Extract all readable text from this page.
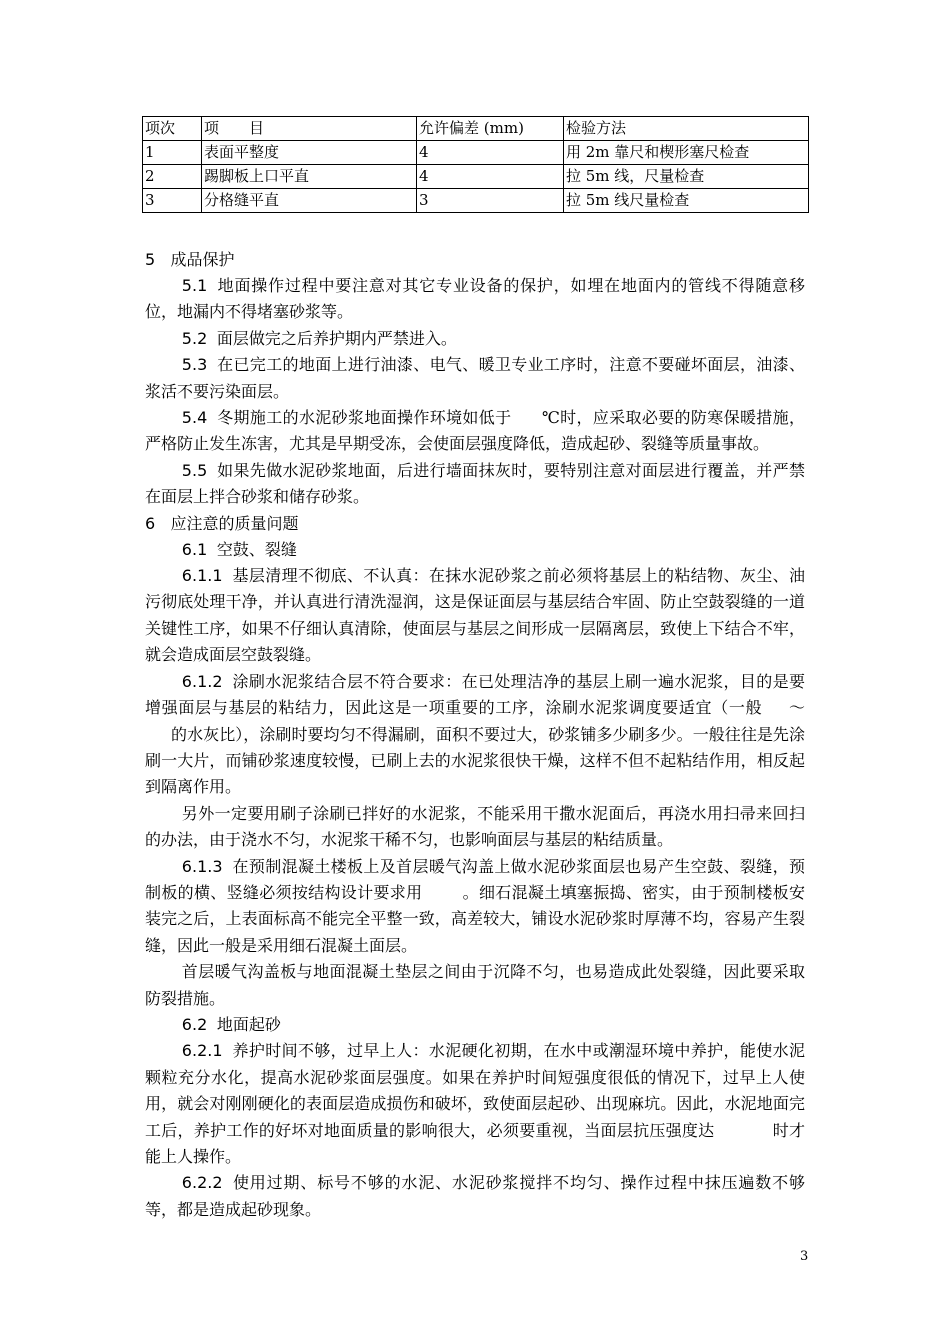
项次	项　　目	允许偏差 (mm)	检验方法
1	表面平整度	4	用 2m 靠尺和楔形塞尺检查
2	踢脚板上口平直	4	拉 5m 线，尺量检查
3	分格缝平直	3	拉 5m 线尺量检查
5 成品保护
5.1 地面操作过程中要注意对其它专业设备的保护，如埋在地面内的管线不得随意移位，地漏内不得堵塞砂浆等。
5.2 面层做完之后养护期内严禁进入。
5.3 在已完工的地面上进行油漆、电气、暖卫专业工序时，注意不要碰坏面层，油漆、浆活不要污染面层。
5.4 冬期施工的水泥砂浆地面操作环境如低于 ℃时，应采取必要的防寒保暖措施，严格防止发生冻害，尤其是早期受冻，会使面层强度降低，造成起砂、裂缝等质量事故。
5.5 如果先做水泥砂浆地面，后进行墙面抹灰时，要特别注意对面层进行覆盖，并严禁在面层上拌合砂浆和储存砂浆。
6 应注意的质量问题
6.1 空鼓、裂缝
6.1.1 基层清理不彻底、不认真：在抹水泥砂浆之前必须将基层上的粘结物、灰尘、油污彻底处理干净，并认真进行清洗湿润，这是保证面层与基层结合牢固、防止空鼓裂缝的一道关键性工序，如果不仔细认真清除，使面层与基层之间形成一层隔离层，致使上下结合不牢，就会造成面层空鼓裂缝。
6.1.2 涂刷水泥浆结合层不符合要求：在已处理洁净的基层上刷一遍水泥浆，目的是要增强面层与基层的粘结力，因此这是一项重要的工序，涂刷水泥浆调度要适宜（一般 ～的水灰比），涂刷时要均匀不得漏刷，面积不要过大，砂浆铺多少刷多少。一般往往是先涂刷一大片，而铺砂浆速度较慢，已刷上去的水泥浆很快干燥，这样不但不起粘结作用，相反起到隔离作用。
另外一定要用刷子涂刷已拌好的水泥浆，不能采用干撒水泥面后，再浇水用扫帚来回扫的办法，由于浇水不匀，水泥浆干稀不匀，也影响面层与基层的粘结质量。
6.1.3 在预制混凝土楼板上及首层暖气沟盖上做水泥砂浆面层也易产生空鼓、裂缝，预制板的横、竖缝必须按结构设计要求用	。细石混凝土填塞振捣、密实，由于预制楼板安装完之后，上表面标高不能完全平整一致，高差较大，铺设水泥砂浆时厚薄不均，容易产生裂缝，因此一般是采用细石混凝土面层。
首层暖气沟盖板与地面混凝土垫层之间由于沉降不匀，也易造成此处裂缝，因此要采取防裂措施。
6.2 地面起砂
6.2.1 养护时间不够，过早上人：水泥硬化初期，在水中或潮湿环境中养护，能使水泥颗粒充分水化，提高水泥砂浆面层强度。如果在养护时间短强度很低的情况下，过早上人使用，就会对刚刚硬化的表面层造成损伤和破坏，致使面层起砂、出现麻坑。因此，水泥地面完工后，养护工作的好坏对地面质量的影响很大，必须要重视，当面层抗压强度达	时才能上人操作。
6.2.2 使用过期、标号不够的水泥、水泥砂浆搅拌不均匀、操作过程中抹压遍数不够等，都是造成起砂现象。
3
